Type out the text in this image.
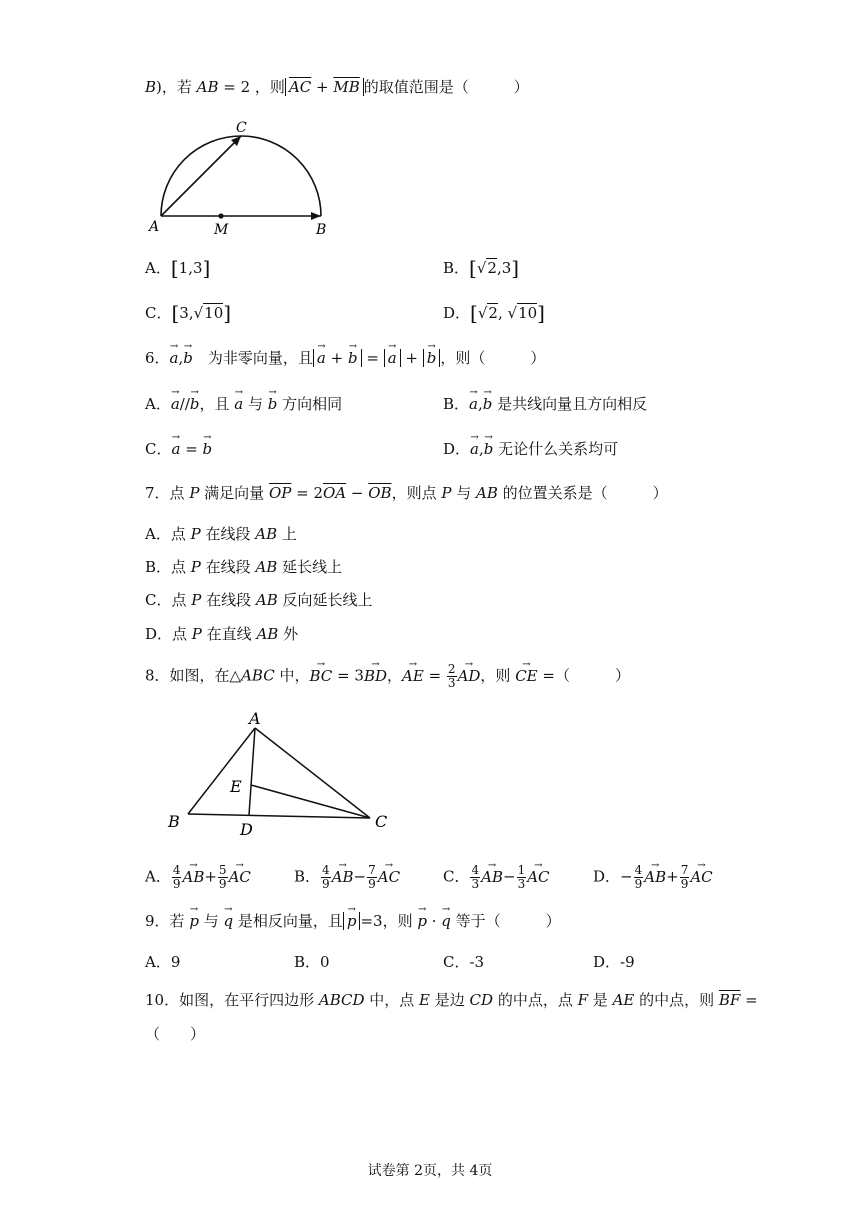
B)，若 AB = 2 ，则 $\overline{AC} + \overline{MB}$ 的取值范围是（　　　）
A	M	B
C
A．[1,3]	B．[√2,3]
C．[3,√10]	D．[√2, √10]
6．→ a,→ b　为非零向量，且 → a + → b = → a + → b ，则（　　　）
A．→ a//→ b，且 → a 与 → b 方向相同	B．→ a,→ b 是共线向量且方向相反
C．→ a = → b	D．→ a,→ b 无论什么关系均可
7．点 P 满足向量 $\overline{OP} = 2\overline{OA} - \overline{OB}$，则点 P 与 AB 的位置关系是（　　　）
A．点 P 在线段 AB 上
B．点 P 在线段 AB 延长线上
C．点 P 在线段 AB 反向延长线上
D．点 P 在直线 AB 外
8．如图，在△ABC 中，→ BC = 3→ BD，→ AE = $\frac{2}{3}$ → AD，则 → CE =（　　　）
A
B	C
D
E
A． $\frac{4}{9} \to AB+ \frac{5}{9}$ → AC	B． $\frac{4}{9} \to AB- \frac{7}{9}$ → AC	C． $\frac{4}{3} \to AB- \frac{1}{3}$ → AC	D．− $\frac{4}{9} \to AB+ \frac{7}{9}$ → AC
9．若 → p 与 → q 是相反向量，且 → p =3，则 → p · → q 等于（　　　）
A．9	B．0	C．-3	D．-9
10．如图，在平行四边形 ABCD 中，点 E 是边 CD 的中点，点 F 是 AE 的中点，则 $\overline{BF}$ =
（　　）
试卷第 2页，共 4页
